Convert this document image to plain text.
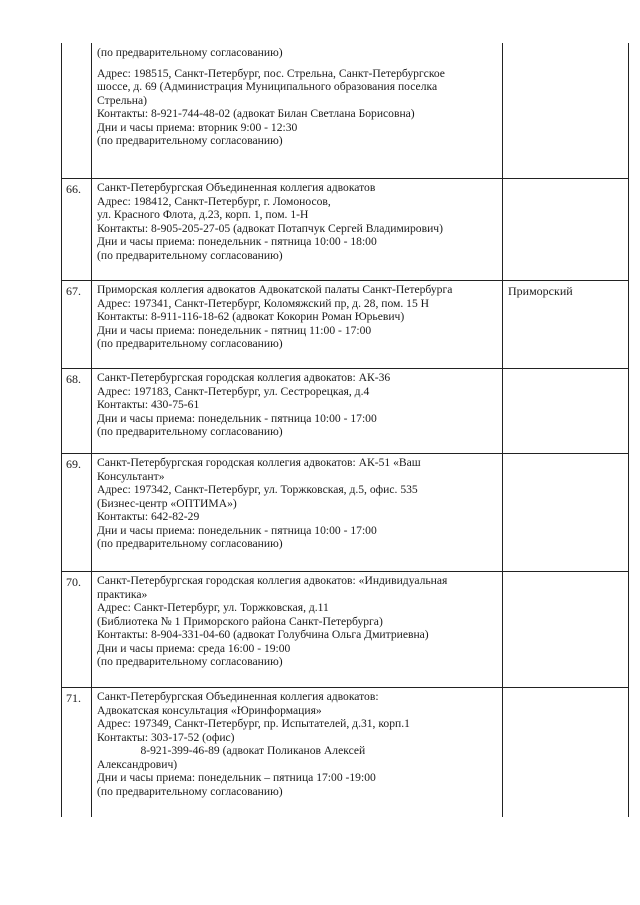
(по предварительному согласованию)
Адрес: 198515, Санкт-Петербург, пос. Стрельна, Санкт-Петербургское
шоссе, д. 69 (Администрация Муниципального образования поселка
Стрельна)
Контакты: 8-921-744-48-02 (адвокат Билан Светлана Борисовна)
Дни и часы приема: вторник 9:00 - 12:30
(по предварительному согласованию)
66. Санкт-Петербургская Объединенная коллегия адвокатов
Адрес: 198412, Санкт-Петербург, г. Ломоносов,
ул. Красного Флота, д.23, корп. 1, пом. 1-Н
Контакты: 8-905-205-27-05 (адвокат Потапчук Сергей Владимирович)
Дни и часы приема: понедельник - пятница 10:00 - 18:00
(по предварительному согласованию)
67. Приморская коллегия адвокатов Адвокатской палаты Санкт-Петербурга
Адрес: 197341, Санкт-Петербург, Коломяжский пр, д. 28, пом. 15 Н
Контакты: 8-911-116-18-62 (адвокат Кокорин Роман Юрьевич)
Дни и часы приема: понедельник - пятниц 11:00 - 17:00
(по предварительному согласованию)
Приморский
68. Санкт-Петербургская городская коллегия адвокатов: АК-36
Адрес: 197183, Санкт-Петербург, ул. Сестрорецкая, д.4
Контакты: 430-75-61
Дни и часы приема: понедельник - пятница 10:00 - 17:00
(по предварительному согласованию)
69. Санкт-Петербургская городская коллегия адвокатов: АК-51 «Ваш
Консультант»
Адрес: 197342, Санкт-Петербург, ул. Торжковская, д.5, офис. 535
(Бизнес-центр «ОПТИМА»)
Контакты: 642-82-29
Дни и часы приема: понедельник - пятница 10:00 - 17:00
(по предварительному согласованию)
70. Санкт-Петербургская городская коллегия адвокатов: «Индивидуальная
практика»
Адрес: Санкт-Петербург, ул. Торжковская, д.11
(Библиотека № 1 Приморского района Санкт-Петербурга)
Контакты: 8-904-331-04-60 (адвокат Голубчина Ольга Дмитриевна)
Дни и часы приема: среда 16:00 - 19:00
(по предварительному согласованию)
71. Санкт-Петербургская Объединенная коллегия адвокатов:
Адвокатская консультация «Юринформация»
Адрес: 197349, Санкт-Петербург, пр. Испытателей, д.31, корп.1
Контакты: 303-17-52 (офис)
8-921-399-46-89 (адвокат Поликанов Алексей
Александрович)
Дни и часы приема: понедельник – пятница 17:00 -19:00
(по предварительному согласованию)
